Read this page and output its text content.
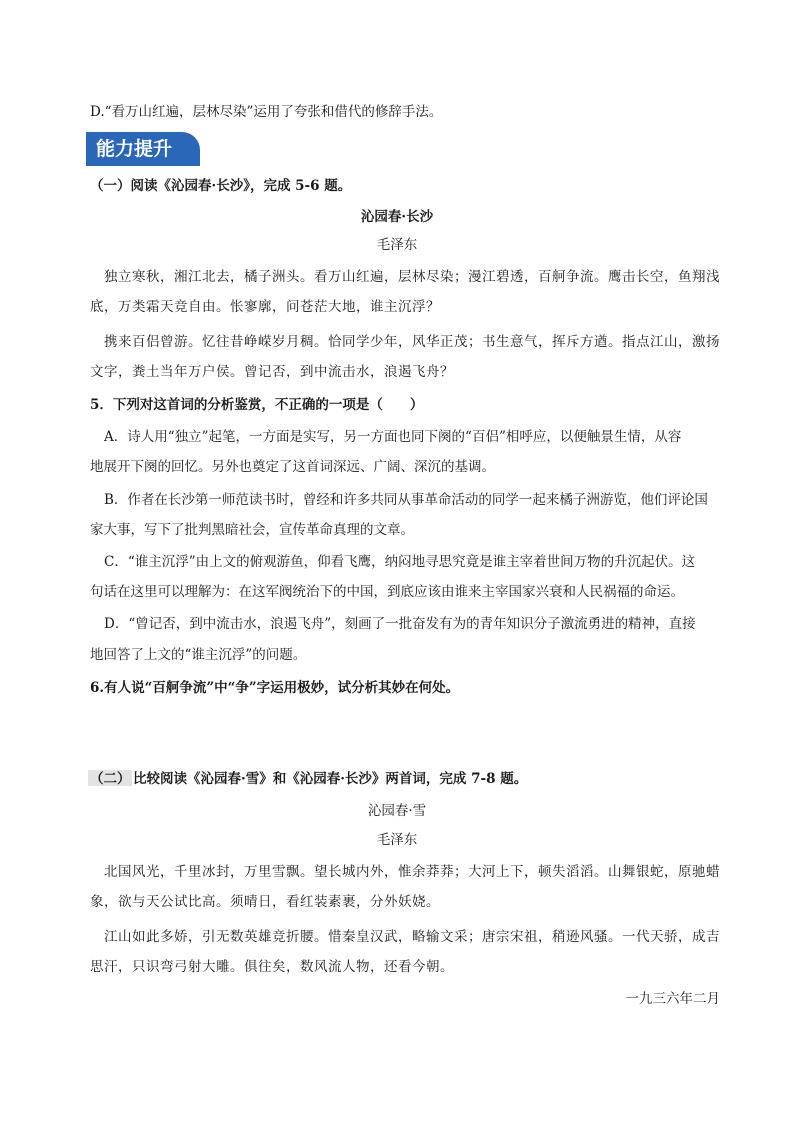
D.“看万山红遍，层林尽染”运用了夸张和借代的修辞手法。
能力提升
（一）阅读《沁园春·长沙》，完成 5-6 题。
沁园春·长沙
毛泽东
独立寒秋，湘江北去，橘子洲头。看万山红遍，层林尽染；漫江碧透，百舸争流。鹰击长空，鱼翔浅
底，万类霜天竞自由。怅寥廓，问苍茫大地，谁主沉浮？
携来百侣曾游。忆往昔峥嵘岁月稠。恰同学少年，风华正茂；书生意气，挥斥方遒。指点江山，激扬
文字，粪土当年万户侯。曾记否，到中流击水，浪遏飞舟？
5．下列对这首词的分析鉴赏，不正确的一项是（　　）
A．诗人用“独立”起笔，一方面是实写，另一方面也同下阕的“百侣”相呼应，以便触景生情，从容
地展开下阕的回忆。另外也奠定了这首词深远、广阔、深沉的基调。
B．作者在长沙第一师范读书时，曾经和许多共同从事革命活动的同学一起来橘子洲游览，他们评论国
家大事，写下了批判黑暗社会，宣传革命真理的文章。
C．“谁主沉浮”由上文的俯观游鱼，仰看飞鹰，纳闷地寻思究竟是谁主宰着世间万物的升沉起伏。这
句话在这里可以理解为：在这军阀统治下的中国，到底应该由谁来主宰国家兴衰和人民祸福的命运。
D．“曾记否，到中流击水，浪遏飞舟”，刻画了一批奋发有为的青年知识分子激流勇进的精神，直接
地回答了上文的“谁主沉浮”的问题。
6.有人说“百舸争流”中“争”字运用极妙，试分析其妙在何处。
（二） 比较阅读《沁园春·雪》和《沁园春·长沙》两首词，完成 7-8 题。
沁园春·雪
毛泽东
北国风光，千里冰封，万里雪飘。望长城内外，惟余莽莽；大河上下，顿失滔滔。山舞银蛇，原驰蜡
象，欲与天公试比高。须晴日，看红装素裹，分外妖娆。
江山如此多娇，引无数英雄竞折腰。惜秦皇汉武，略输文采；唐宗宋祖，稍逊风骚。一代天骄，成吉
思汗，只识弯弓射大雕。俱往矣，数风流人物，还看今朝。
一九三六年二月
